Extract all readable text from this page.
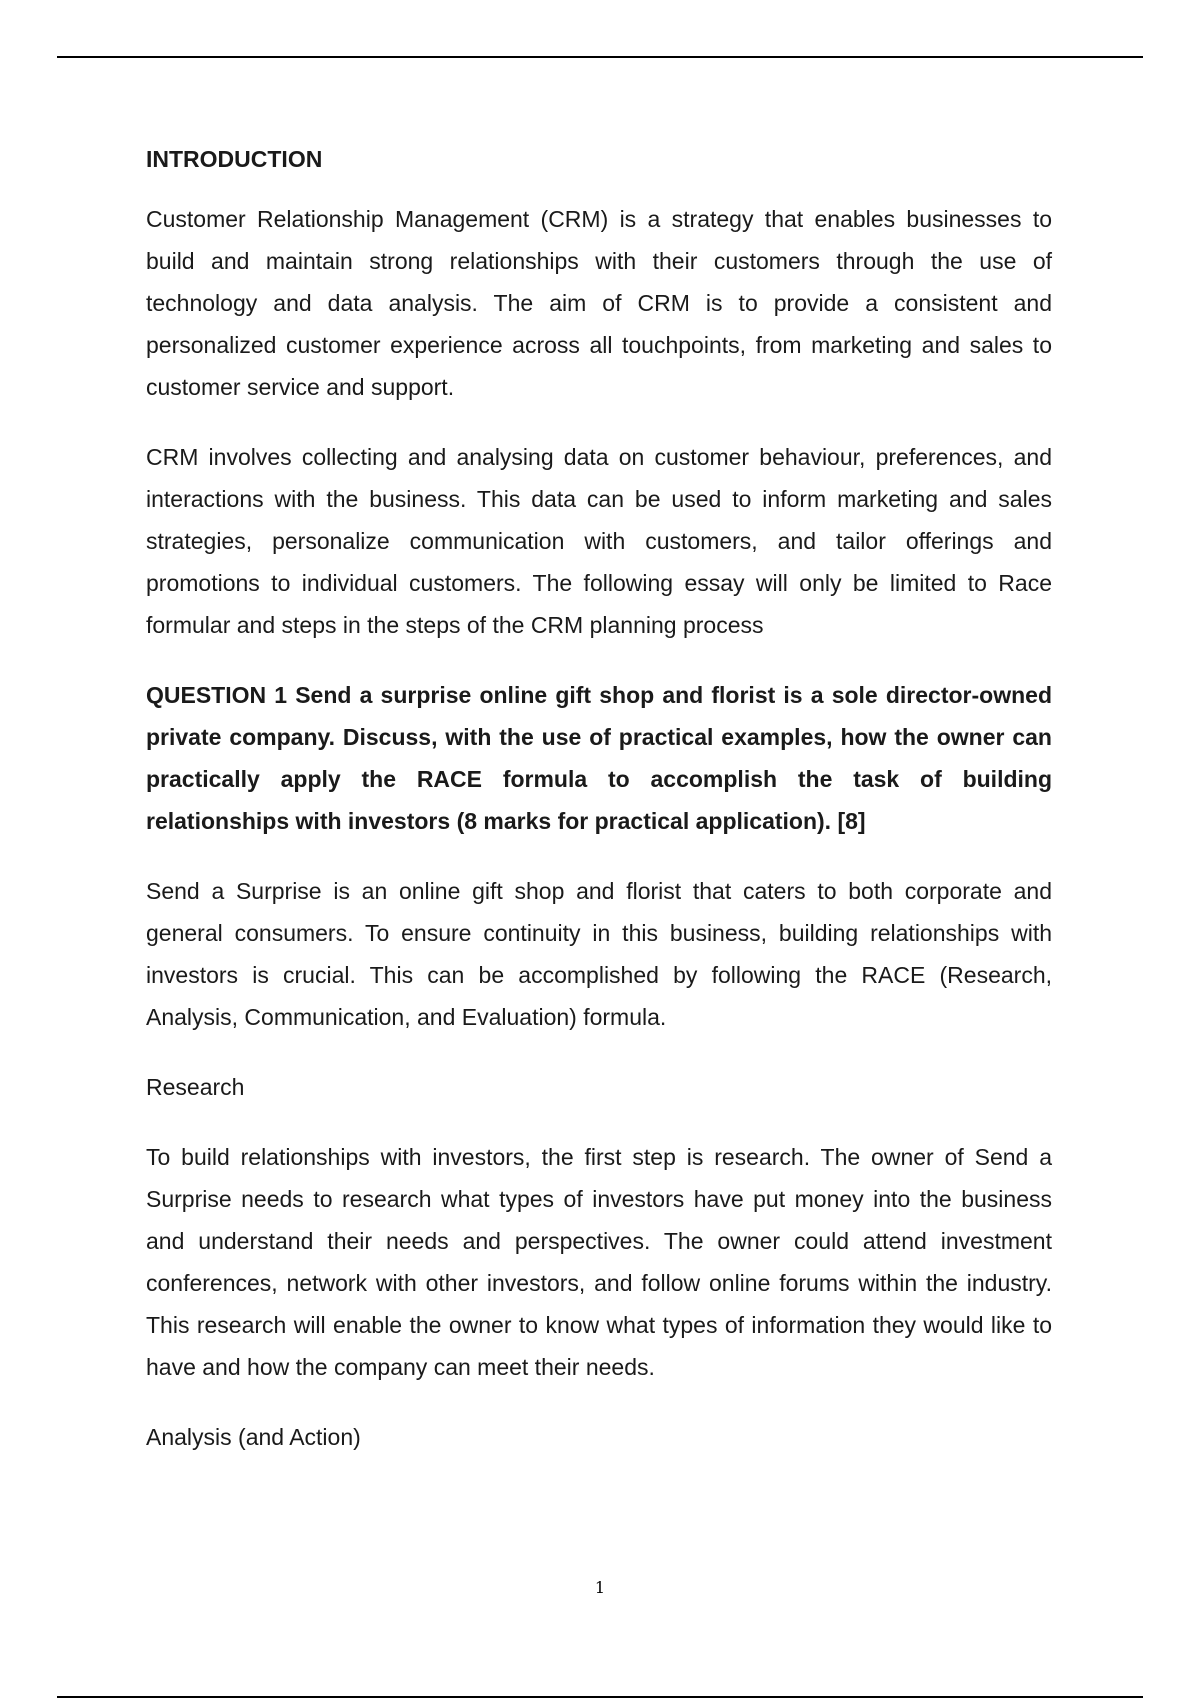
INTRODUCTION

Customer Relationship Management (CRM) is a strategy that enables businesses to build and maintain strong relationships with their customers through the use of technology and data analysis. The aim of CRM is to provide a consistent and personalized customer experience across all touchpoints, from marketing and sales to customer service and support.

CRM involves collecting and analysing data on customer behaviour, preferences, and interactions with the business. This data can be used to inform marketing and sales strategies, personalize communication with customers, and tailor offerings and promotions to individual customers. The following essay will only be limited to Race formular and steps in the steps of the CRM planning process

QUESTION 1 Send a surprise online gift shop and florist is a sole director-owned private company. Discuss, with the use of practical examples, how the owner can practically apply the RACE formula to accomplish the task of building relationships with investors (8 marks for practical application). [8]

Send a Surprise is an online gift shop and florist that caters to both corporate and general consumers. To ensure continuity in this business, building relationships with investors is crucial. This can be accomplished by following the RACE (Research, Analysis, Communication, and Evaluation) formula.

Research

To build relationships with investors, the first step is research. The owner of Send a Surprise needs to research what types of investors have put money into the business and understand their needs and perspectives. The owner could attend investment conferences, network with other investors, and follow online forums within the industry. This research will enable the owner to know what types of information they would like to have and how the company can meet their needs.

Analysis (and Action)

1
